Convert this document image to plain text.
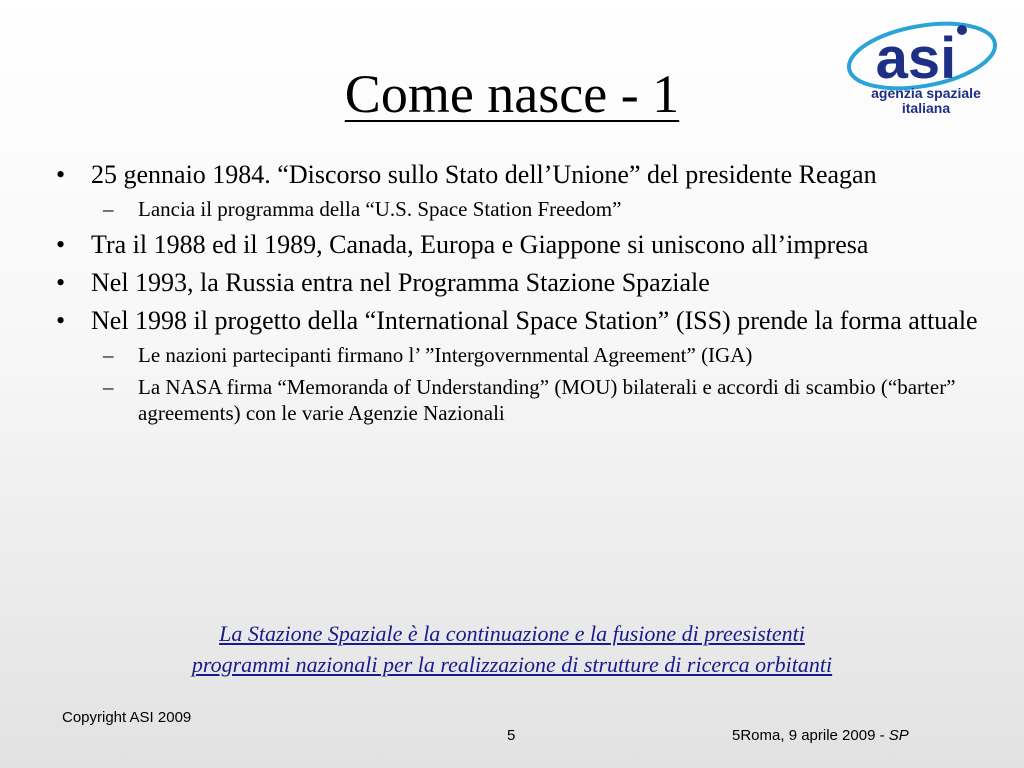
Come nasce - 1
asi
agenzia spaziale
italiana
• 25 gennaio 1984. “Discorso sullo Stato dell’Unione” del presidente Reagan
– Lancia il programma della “U.S. Space Station Freedom”
• Tra il 1988 ed il 1989, Canada, Europa e Giappone si uniscono all’impresa
• Nel 1993, la Russia entra nel Programma Stazione Spaziale
• Nel 1998 il progetto della “International Space Station” (ISS) prende la forma attuale
– Le nazioni partecipanti firmano l’ ”Intergovernmental Agreement” (IGA)
– La NASA firma “Memoranda of Understanding” (MOU) bilaterali e accordi di scambio (“barter” agreements) con le varie Agenzie Nazionali
La Stazione Spaziale è la continuazione e la fusione di preesistenti
programmi nazionali per la realizzazione di strutture di ricerca orbitanti
Copyright ASI 2009
5	5Roma, 9 aprile 2009 - SP
